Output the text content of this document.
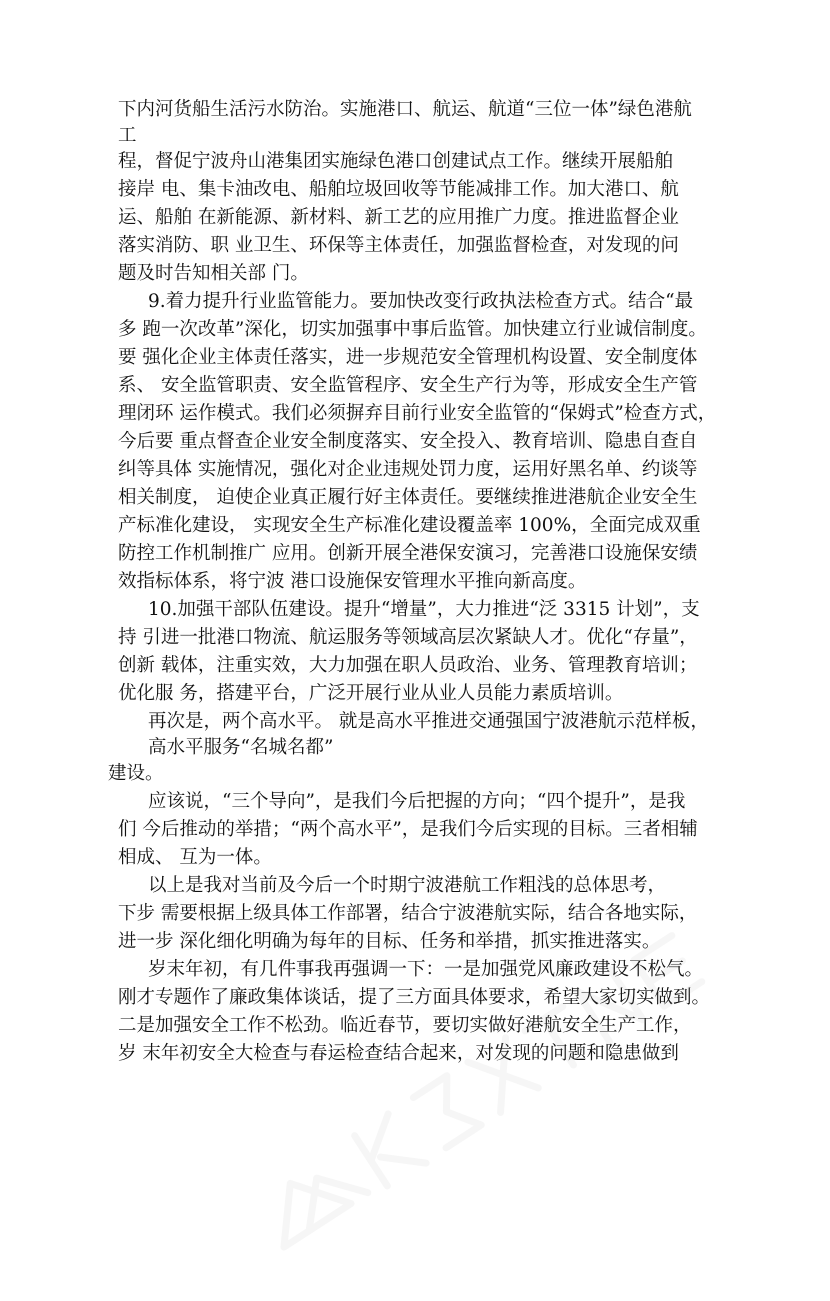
下内河货船生活污水防治。实施港口、航运、航道“三位一体”绿色港航
工
程，督促宁波舟山港集团实施绿色港口创建试点工作。继续开展船舶
接岸 电、集卡油改电、船舶垃圾回收等节能减排工作。加大港口、航
运、船舶 在新能源、新材料、新工艺的应用推广力度。推进监督企业
落实消防、职 业卫生、环保等主体责任，加强监督检查，对发现的问
题及时告知相关部 门。
9.着力提升行业监管能力。要加快改变行政执法检查方式。结合“最
多 跑一次改革”深化，切实加强事中事后监管。加快建立行业诚信制度。
要 强化企业主体责任落实，进一步规范安全管理机构设置、安全制度体
系、 安全监管职责、安全监管程序、安全生产行为等，形成安全生产管
理闭环 运作模式。我们必须摒弃目前行业安全监管的“保姆式”检查方式，
今后要 重点督查企业安全制度落实、安全投入、教育培训、隐患自查自
纠等具体 实施情况，强化对企业违规处罚力度，运用好黑名单、约谈等
相关制度， 迫使企业真正履行好主体责任。要继续推进港航企业安全生
产标准化建设， 实现安全生产标准化建设覆盖率 100%，全面完成双重
防控工作机制推广 应用。创新开展全港保安演习，完善港口设施保安绩
效指标体系，将宁波 港口设施保安管理水平推向新高度。
10.加强干部队伍建设。提升“增量”，大力推进“泛 3315 计划”，支
持 引进一批港口物流、航运服务等领域高层次紧缺人才。优化“存量”，
创新 载体，注重实效，大力加强在职人员政治、业务、管理教育培训；
优化服 务，搭建平台，广泛开展行业从业人员能力素质培训。
再次是，两个高水平。 就是高水平推进交通强国宁波港航示范样板，
高水平服务“名城名都”
建设。
应该说，“三个导向”，是我们今后把握的方向；“四个提升”，是我
们 今后推动的举措；“两个高水平”，是我们今后实现的目标。三者相辅
相成、 互为一体。
以上是我对当前及今后一个时期宁波港航工作粗浅的总体思考，
下步 需要根据上级具体工作部署，结合宁波港航实际，结合各地实际，
进一步 深化细化明确为每年的目标、任务和举措，抓实推进落实。
岁末年初，有几件事我再强调一下：一是加强党风廉政建设不松气。
刚才专题作了廉政集体谈话，提了三方面具体要求，希望大家切实做到。
二是加强安全工作不松劲。临近春节，要切实做好港航安全生产工作，
岁 末年初安全大检查与春运检查结合起来，对发现的问题和隐患做到
